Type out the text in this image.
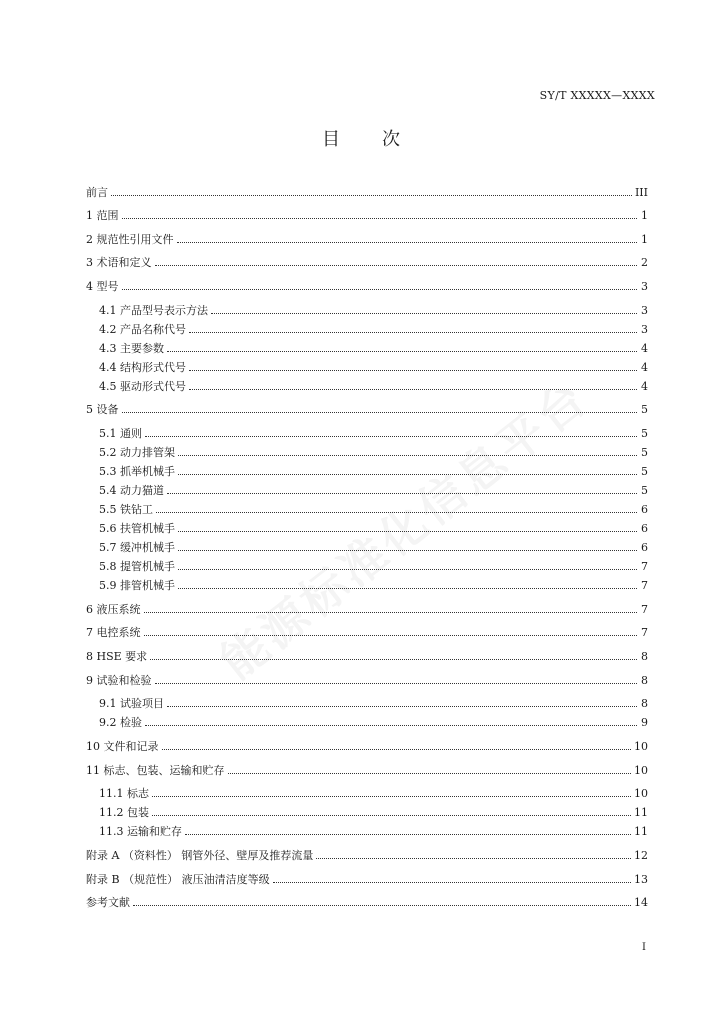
SY/T XXXXX—XXXX
目 次
能源标准化信息平台
前言	III
1 范围	1
2 规范性引用文件	1
3 术语和定义	2
4 型号	3
4.1 产品型号表示方法	3
4.2 产品名称代号	3
4.3 主要参数	4
4.4 结构形式代号	4
4.5 驱动形式代号	4
5 设备	5
5.1 通则	5
5.2 动力排管架	5
5.3 抓举机械手	5
5.4 动力猫道	5
5.5 铁钻工	6
5.6 扶管机械手	6
5.7 缓冲机械手	6
5.8 提管机械手	7
5.9 排管机械手	7
6 液压系统	7
7 电控系统	7
8 HSE 要求	8
9 试验和检验	8
9.1 试验项目	8
9.2 检验	9
10 文件和记录	10
11 标志、包装、运输和贮存	10
11.1 标志	10
11.2 包装	11
11.3 运输和贮存	11
附录 A （资料性） 钢管外径、壁厚及推荐流量	12
附录 B （规范性） 液压油清洁度等级	13
参考文献	14
I
